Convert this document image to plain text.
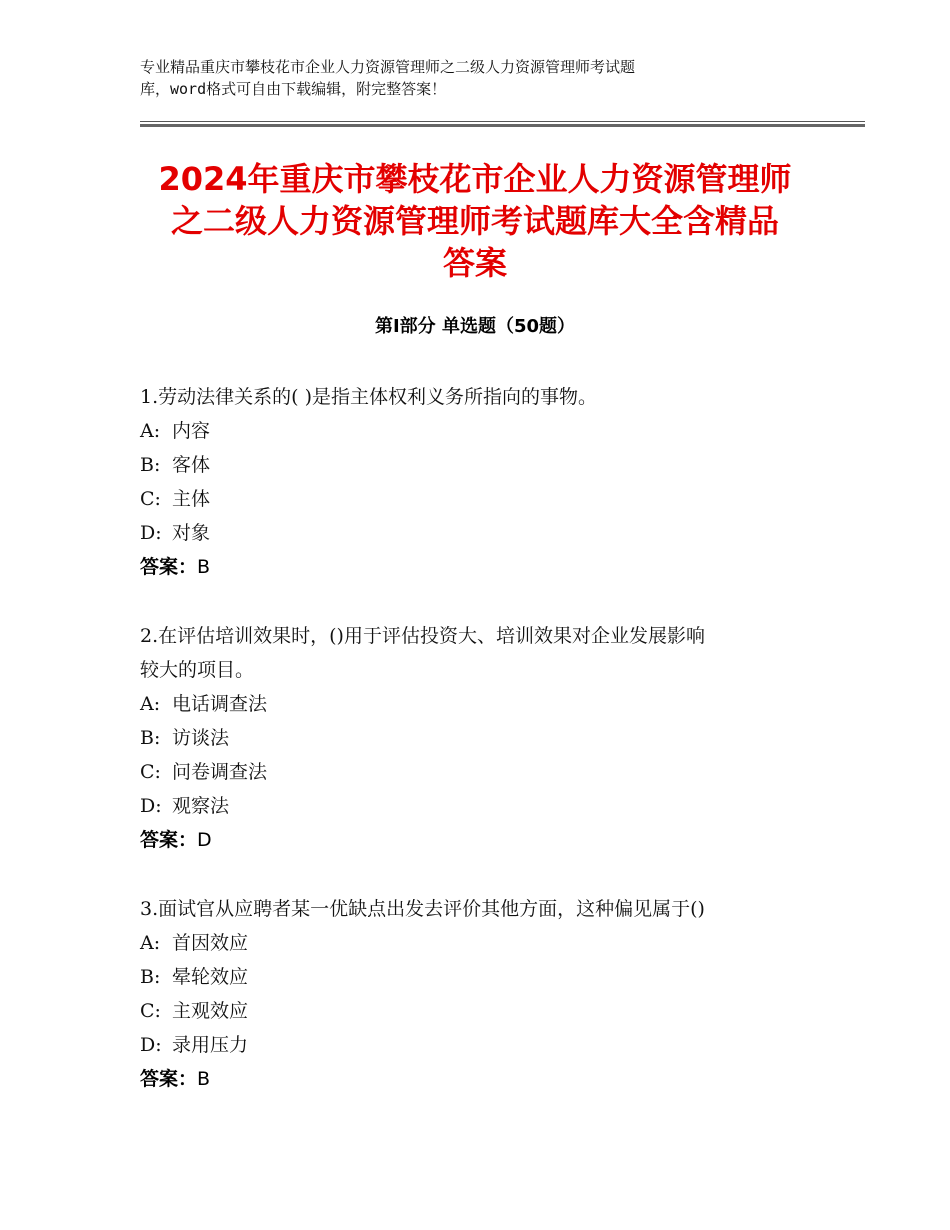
专业精品重庆市攀枝花市企业人力资源管理师之二级人力资源管理师考试题
库，word格式可自由下载编辑，附完整答案！
2024年重庆市攀枝花市企业人力资源管理师
之二级人力资源管理师考试题库大全含精品
答案
第Ⅰ部分 单选题（50题）
1.劳动法律关系的( )是指主体权利义务所指向的事物。
A: 内容
B: 客体
C: 主体
D: 对象
答案：B
2.在评估培训效果时，()用于评估投资大、培训效果对企业发展影响
较大的项目。
A: 电话调查法
B: 访谈法
C: 问卷调查法
D: 观察法
答案：D
3.面试官从应聘者某一优缺点出发去评价其他方面，这种偏见属于()
A: 首因效应
B: 晕轮效应
C: 主观效应
D: 录用压力
答案：B
